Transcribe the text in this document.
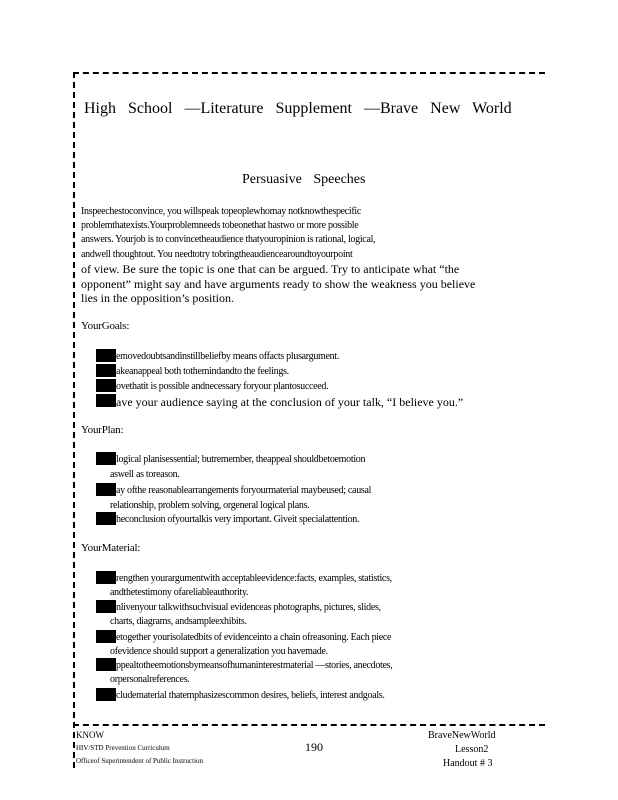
High School —Literature Supplement —Brave New World
Persuasive Speeches
Inspeechestoconvince, you willspeak topeoplewhomay notknowthespecific
problemthatexists.Yourproblemneeds tobeonethat hastwo or more possible
answers. Yourjob is to convincetheaudience thatyouropinion is rational, logical,
andwell thoughtout. You needtotry tobringtheaudiencearoundtoyourpoint
of view. Be sure the topic is one that can be argued. Try to anticipate what “the
opponent” might say and have arguments ready to show the weakness you believe
lies in the opposition’s position.
YourGoals:
emovedoubtsandinstillbeliefby means offacts plusargument.
akeanappeal both tothemindandto the feelings.
ovethatit is possible andnecessary foryour plantosucceed.
ave your audience saying at the conclusion of your talk, “I believe you.”
YourPlan:
logical planisessential; butremember, theappeal shouldbetoemotion
aswell as toreason.
ay ofthe reasonablearrangements foryourmaterial maybeused; causal
relationship, problem solving, orgeneral logical plans.
heconclusion ofyourtalkis very important. Giveit specialattention.
YourMaterial:
rengthen yourargumentwith acceptableevidence:facts, examples, statistics,
andthetestimony ofareliableauthority.
nlivenyour talkwithsuchvisual evidenceas photographs, pictures, slides,
charts, diagrams, andsampleexhibits.
etogether yourisolatedbits of evidenceinto a chain ofreasoning. Each piece
ofevidence should support a generalization you havemade.
ppealtotheemotionsbymeansofhumaninterestmaterial —stories, anecdotes,
orpersonalreferences.
cludematerial thatemphasizescommon desires, beliefs, interest andgoals.
KNOW
HIV/STD Prevention Curriculum
Officeof Superintendent of Public Instruction
190
BraveNewWorld
Lesson2
Handout # 3
